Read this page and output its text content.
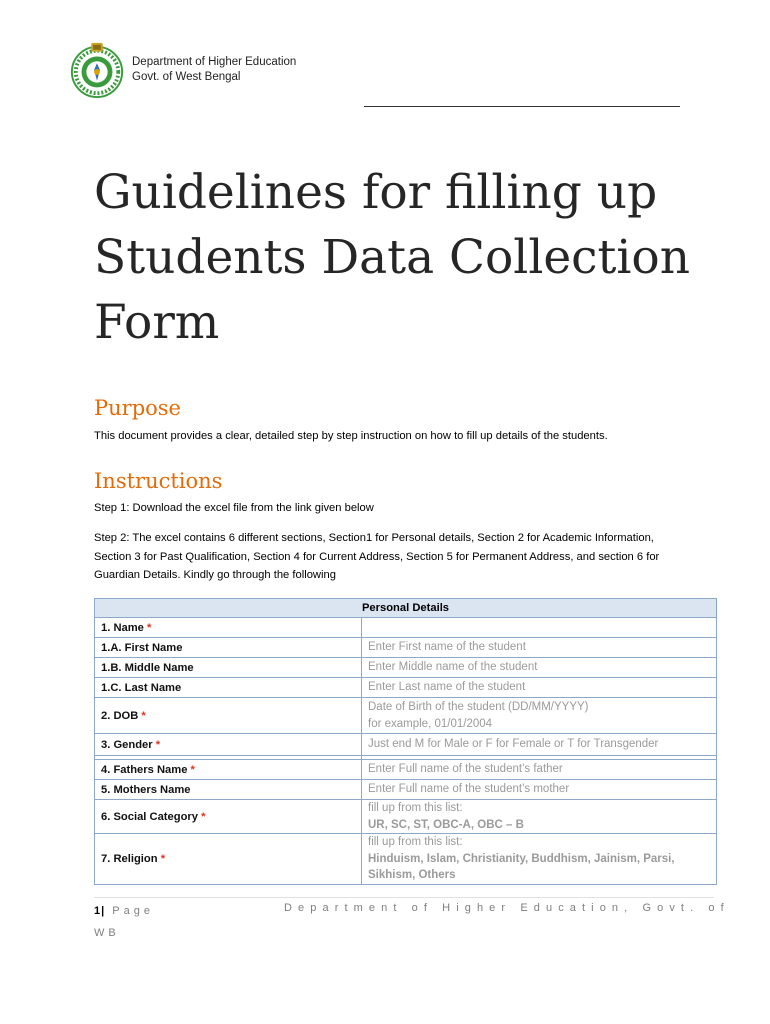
Department of Higher Education
Govt. of West Bengal
Guidelines for filling up Students Data Collection Form
Purpose

This document provides a clear, detailed step by step instruction on how to fill up details of the students.

Instructions

Step 1: Download the excel file from the link given below

Step 2: The excel contains 6 different sections, Section1 for Personal details, Section 2 for Academic Information, Section 3 for Past Qualification, Section 4 for Current Address, Section 5 for Permanent Address, and section 6 for Guardian Details. Kindly go through the following

Personal Details	
1. Name *	
1.A. First Name	Enter First name of the student
1.B. Middle Name	Enter Middle name of the student
1.C. Last Name	Enter Last name of the student
2. DOB *	Date of Birth of the student (DD/MM/YYYY)
for example, 01/01/2004

3. Gender *	Just end M for Male or F for Female or T for Transgender

4. Fathers Name *	Enter Full name of the student’s father
5. Mothers Name	Enter Full name of the student’s mother
6. Social Category *	fill up from this list:
UR, SC, ST, OBC-A, OBC – B

7. Religion *	fill up from this list:
Hinduism, Islam, Christianity, Buddhism, Jainism, Parsi, Sikhism, Others
1| Page
WB
Department of Higher Education, Govt. of
